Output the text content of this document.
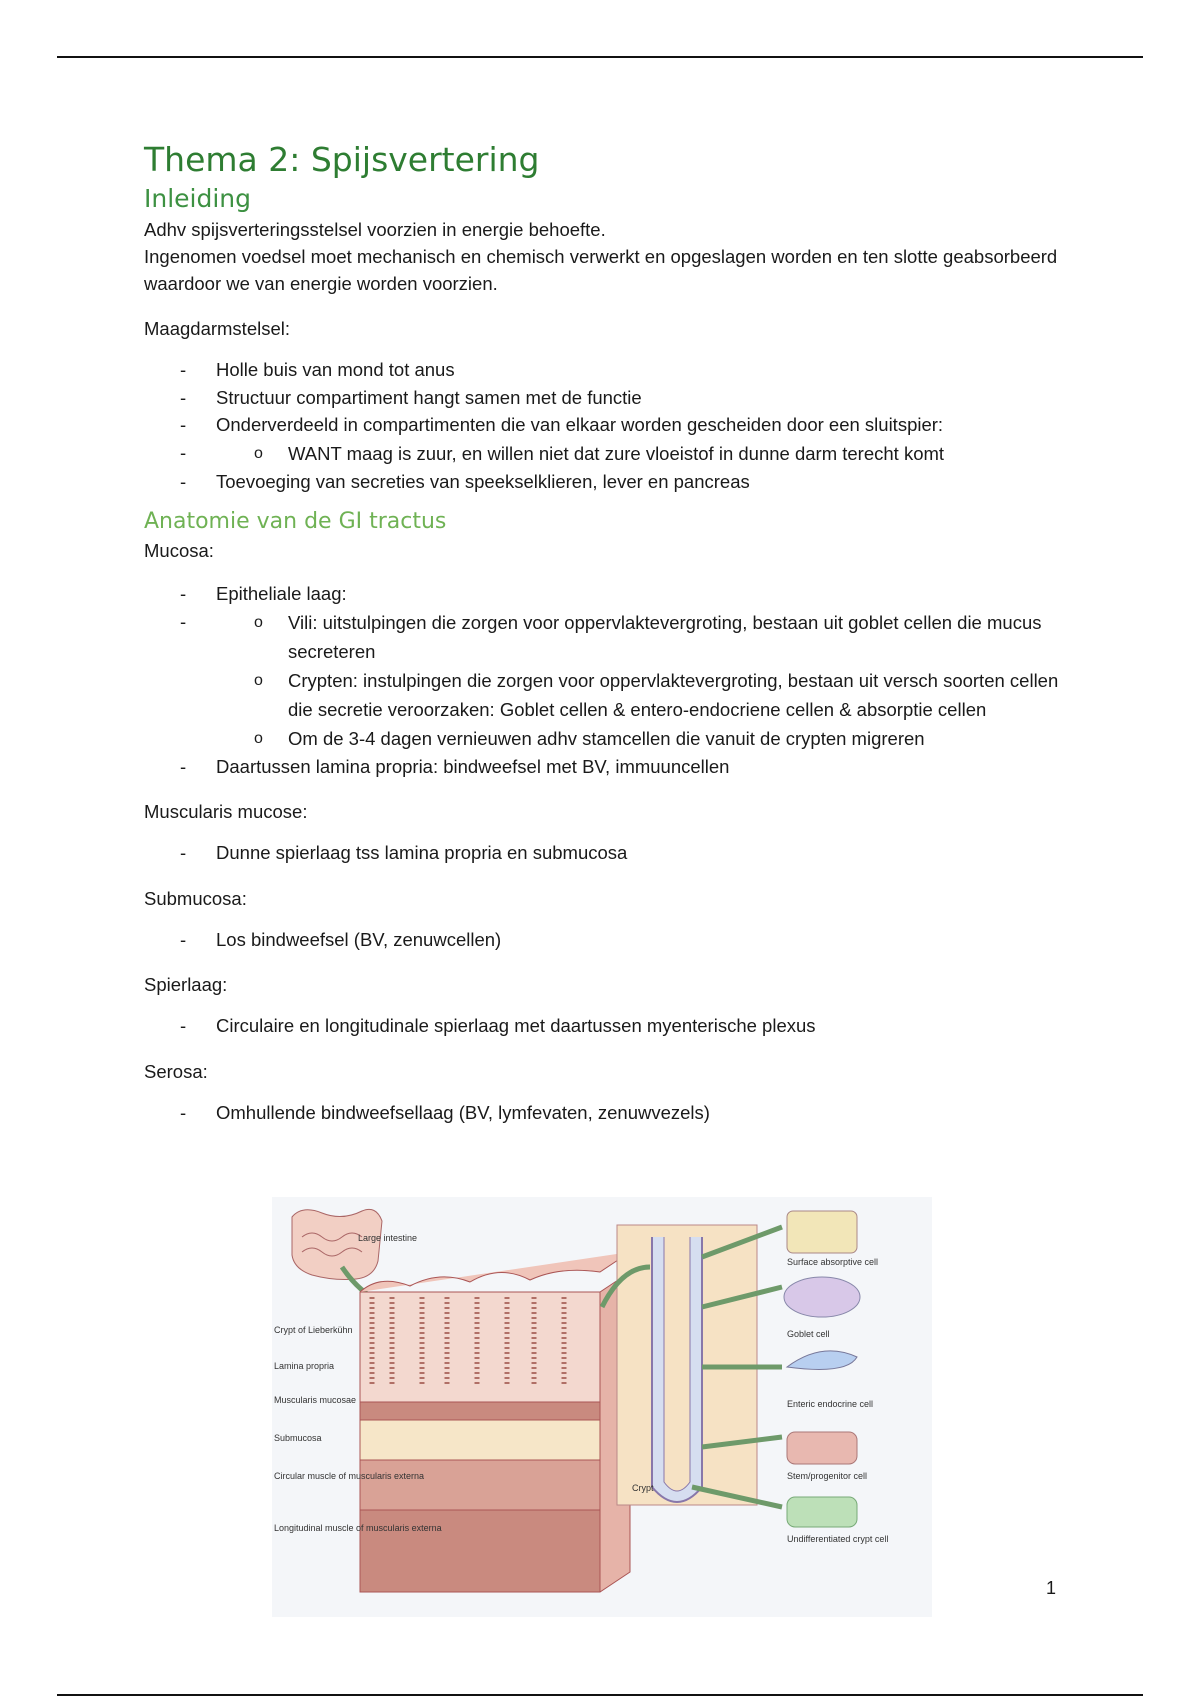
Thema 2: Spijsvertering
Inleiding

Adhv spijsverteringsstelsel voorzien in energie behoefte.

Ingenomen voedsel moet mechanisch en chemisch verwerkt en opgeslagen worden en ten slotte geabsorbeerd waardoor we van energie worden voorzien.

Maagdarmstelsel:

- Holle buis van mond tot anus
- Structuur compartiment hangt samen met de functie
- Onderverdeeld in compartimenten die van elkaar worden gescheiden door een sluitspier:
o - WANT maag is zuur, en willen niet dat zure vloeistof in dunne darm terecht komt
- Toevoeging van secreties van speekselklieren, lever en pancreas
Anatomie van de GI tractus

Mucosa:

- Epitheliale laag:
o - Vili: uitstulpingen die zorgen voor oppervlaktevergroting, bestaan uit goblet cellen die mucus secreteren
o Crypten: instulpingen die zorgen voor oppervlaktevergroting, bestaan uit versch soorten cellen die secretie veroorzaken: Goblet cellen & entero-endocriene cellen & absorptie cellen
o Om de 3-4 dagen vernieuwen adhv stamcellen die vanuit de crypten migreren
- Daartussen lamina propria: bindweefsel met BV, immuuncellen

Muscularis mucose:

- Dunne spierlaag tss lamina propria en submucosa

Submucosa:

- Los bindweefsel (BV, zenuwcellen)

Spierlaag:

- Circulaire en longitudinale spierlaag met daartussen myenterische plexus

Serosa:

- Omhullende bindweefsellaag (BV, lymfevaten, zenuwvezels)
Large intestine
Crypt of Lieberkühn
Lamina propria
Muscularis mucosae
Submucosa
Circular muscle of muscularis externa
Longitudinal muscle of muscularis externa
Crypt
Surface absorptive cell
Goblet cell
Enteric endocrine cell
Stem/progenitor cell
Undifferentiated crypt cell
1
